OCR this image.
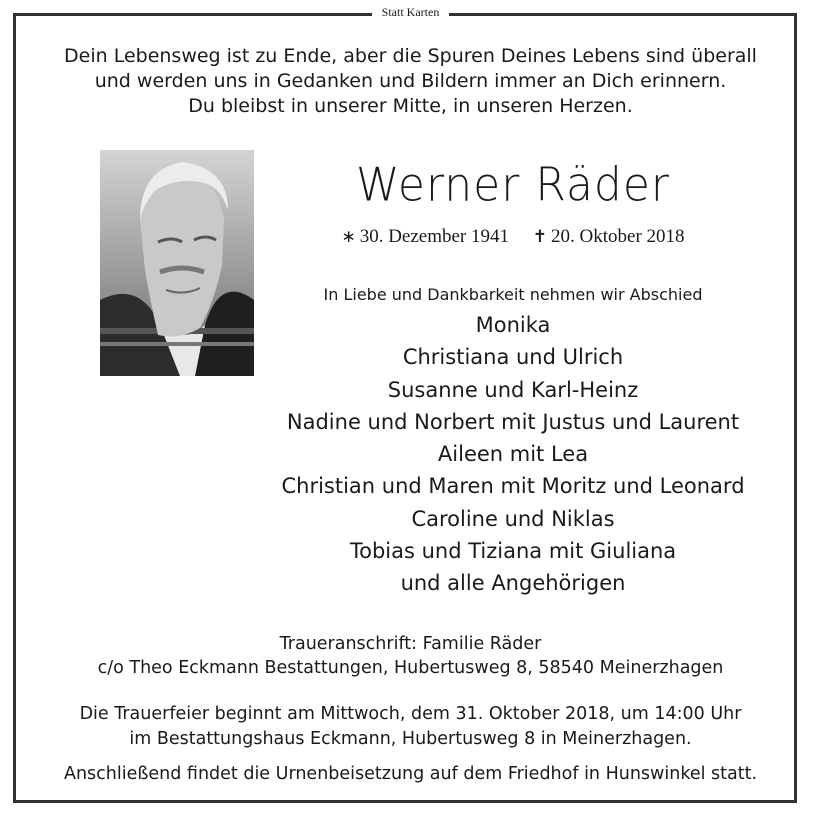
Statt Karten
Dein Lebensweg ist zu Ende, aber die Spuren Deines Lebens sind überall
und werden uns in Gedanken und Bildern immer an Dich erinnern.
Du bleibst in unserer Mitte, in unseren Herzen.
Werner Räder
∗ 30. Dezember 1941 ✝ 20. Oktober 2018
In Liebe und Dankbarkeit nehmen wir Abschied
Monika
Christiana und Ulrich
Susanne und Karl-Heinz
Nadine und Norbert mit Justus und Laurent
Aileen mit Lea
Christian und Maren mit Moritz und Leonard
Caroline und Niklas
Tobias und Tiziana mit Giuliana
und alle Angehörigen
Traueranschrift: Familie Räder
c/o Theo Eckmann Bestattungen, Hubertusweg 8, 58540 Meinerzhagen
Die Trauerfeier beginnt am Mittwoch, dem 31. Oktober 2018, um 14:00 Uhr
im Bestattungshaus Eckmann, Hubertusweg 8 in Meinerzhagen.
Anschließend findet die Urnenbeisetzung auf dem Friedhof in Hunswinkel statt.
